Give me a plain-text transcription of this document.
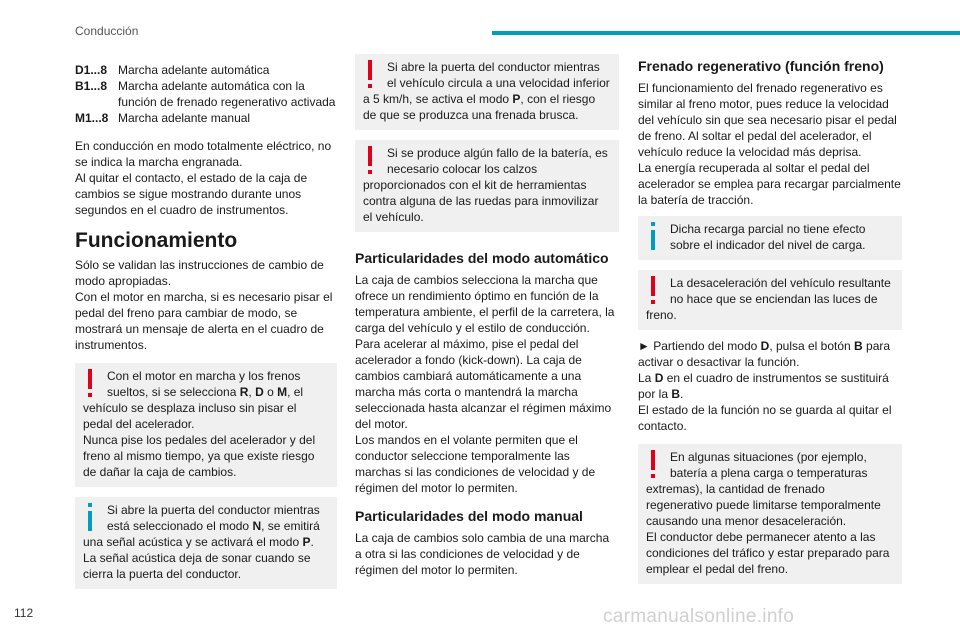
Conducción
D1...8 Marcha adelante automática
B1...8 Marcha adelante automática con la función de frenado regenerativo activada
M1...8 Marcha adelante manual

En conducción en modo totalmente eléctrico, no se indica la marcha engranada.

Al quitar el contacto, el estado de la caja de cambios se sigue mostrando durante unos segundos en el cuadro de instrumentos.

Funcionamiento

Sólo se validan las instrucciones de cambio de modo apropiadas.

Con el motor en marcha, si es necesario pisar el pedal del freno para cambiar de modo, se mostrará un mensaje de alerta en el cuadro de instrumentos.

Con el motor en marcha y los frenos sueltos, si se selecciona R, D o M, el vehículo se desplaza incluso sin pisar el pedal del acelerador.

Nunca pise los pedales del acelerador y del freno al mismo tiempo, ya que existe riesgo de dañar la caja de cambios.

Si abre la puerta del conductor mientras está seleccionado el modo N, se emitirá una señal acústica y se activará el modo P. La señal acústica deja de sonar cuando se cierra la puerta del conductor.

Si abre la puerta del conductor mientras el vehículo circula a una velocidad inferior a 5 km/h, se activa el modo P, con el riesgo de que se produzca una frenada brusca.

Si se produce algún fallo de la batería, es necesario colocar los calzos proporcionados con el kit de herramientas contra alguna de las ruedas para inmovilizar el vehículo.

Particularidades del modo automático

La caja de cambios selecciona la marcha que ofrece un rendimiento óptimo en función de la temperatura ambiente, el perfil de la carretera, la carga del vehículo y el estilo de conducción.

Para acelerar al máximo, pise el pedal del acelerador a fondo (kick-down). La caja de cambios cambiará automáticamente a una marcha más corta o mantendrá la marcha seleccionada hasta alcanzar el régimen máximo del motor.

Los mandos en el volante permiten que el conductor seleccione temporalmente las marchas si las condiciones de velocidad y de régimen del motor lo permiten.

Particularidades del modo manual

La caja de cambios solo cambia de una marcha a otra si las condiciones de velocidad y de régimen del motor lo permiten.

Frenado regenerativo (función freno)

El funcionamiento del frenado regenerativo es similar al freno motor, pues reduce la velocidad del vehículo sin que sea necesario pisar el pedal de freno. Al soltar el pedal del acelerador, el vehículo reduce la velocidad más deprisa.

La energía recuperada al soltar el pedal del acelerador se emplea para recargar parcialmente la batería de tracción.

Dicha recarga parcial no tiene efecto sobre el indicador del nivel de carga.

La desaceleración del vehículo resultante no hace que se enciendan las luces de freno.

► Partiendo del modo D, pulsa el botón B para activar o desactivar la función.

La D en el cuadro de instrumentos se sustituirá por la B.

El estado de la función no se guarda al quitar el contacto.

En algunas situaciones (por ejemplo, batería a plena carga o temperaturas extremas), la cantidad de frenado regenerativo puede limitarse temporalmente causando una menor desaceleración.

El conductor debe permanecer atento a las condiciones del tráfico y estar preparado para emplear el pedal del freno.

112	carmanualsonline.info
